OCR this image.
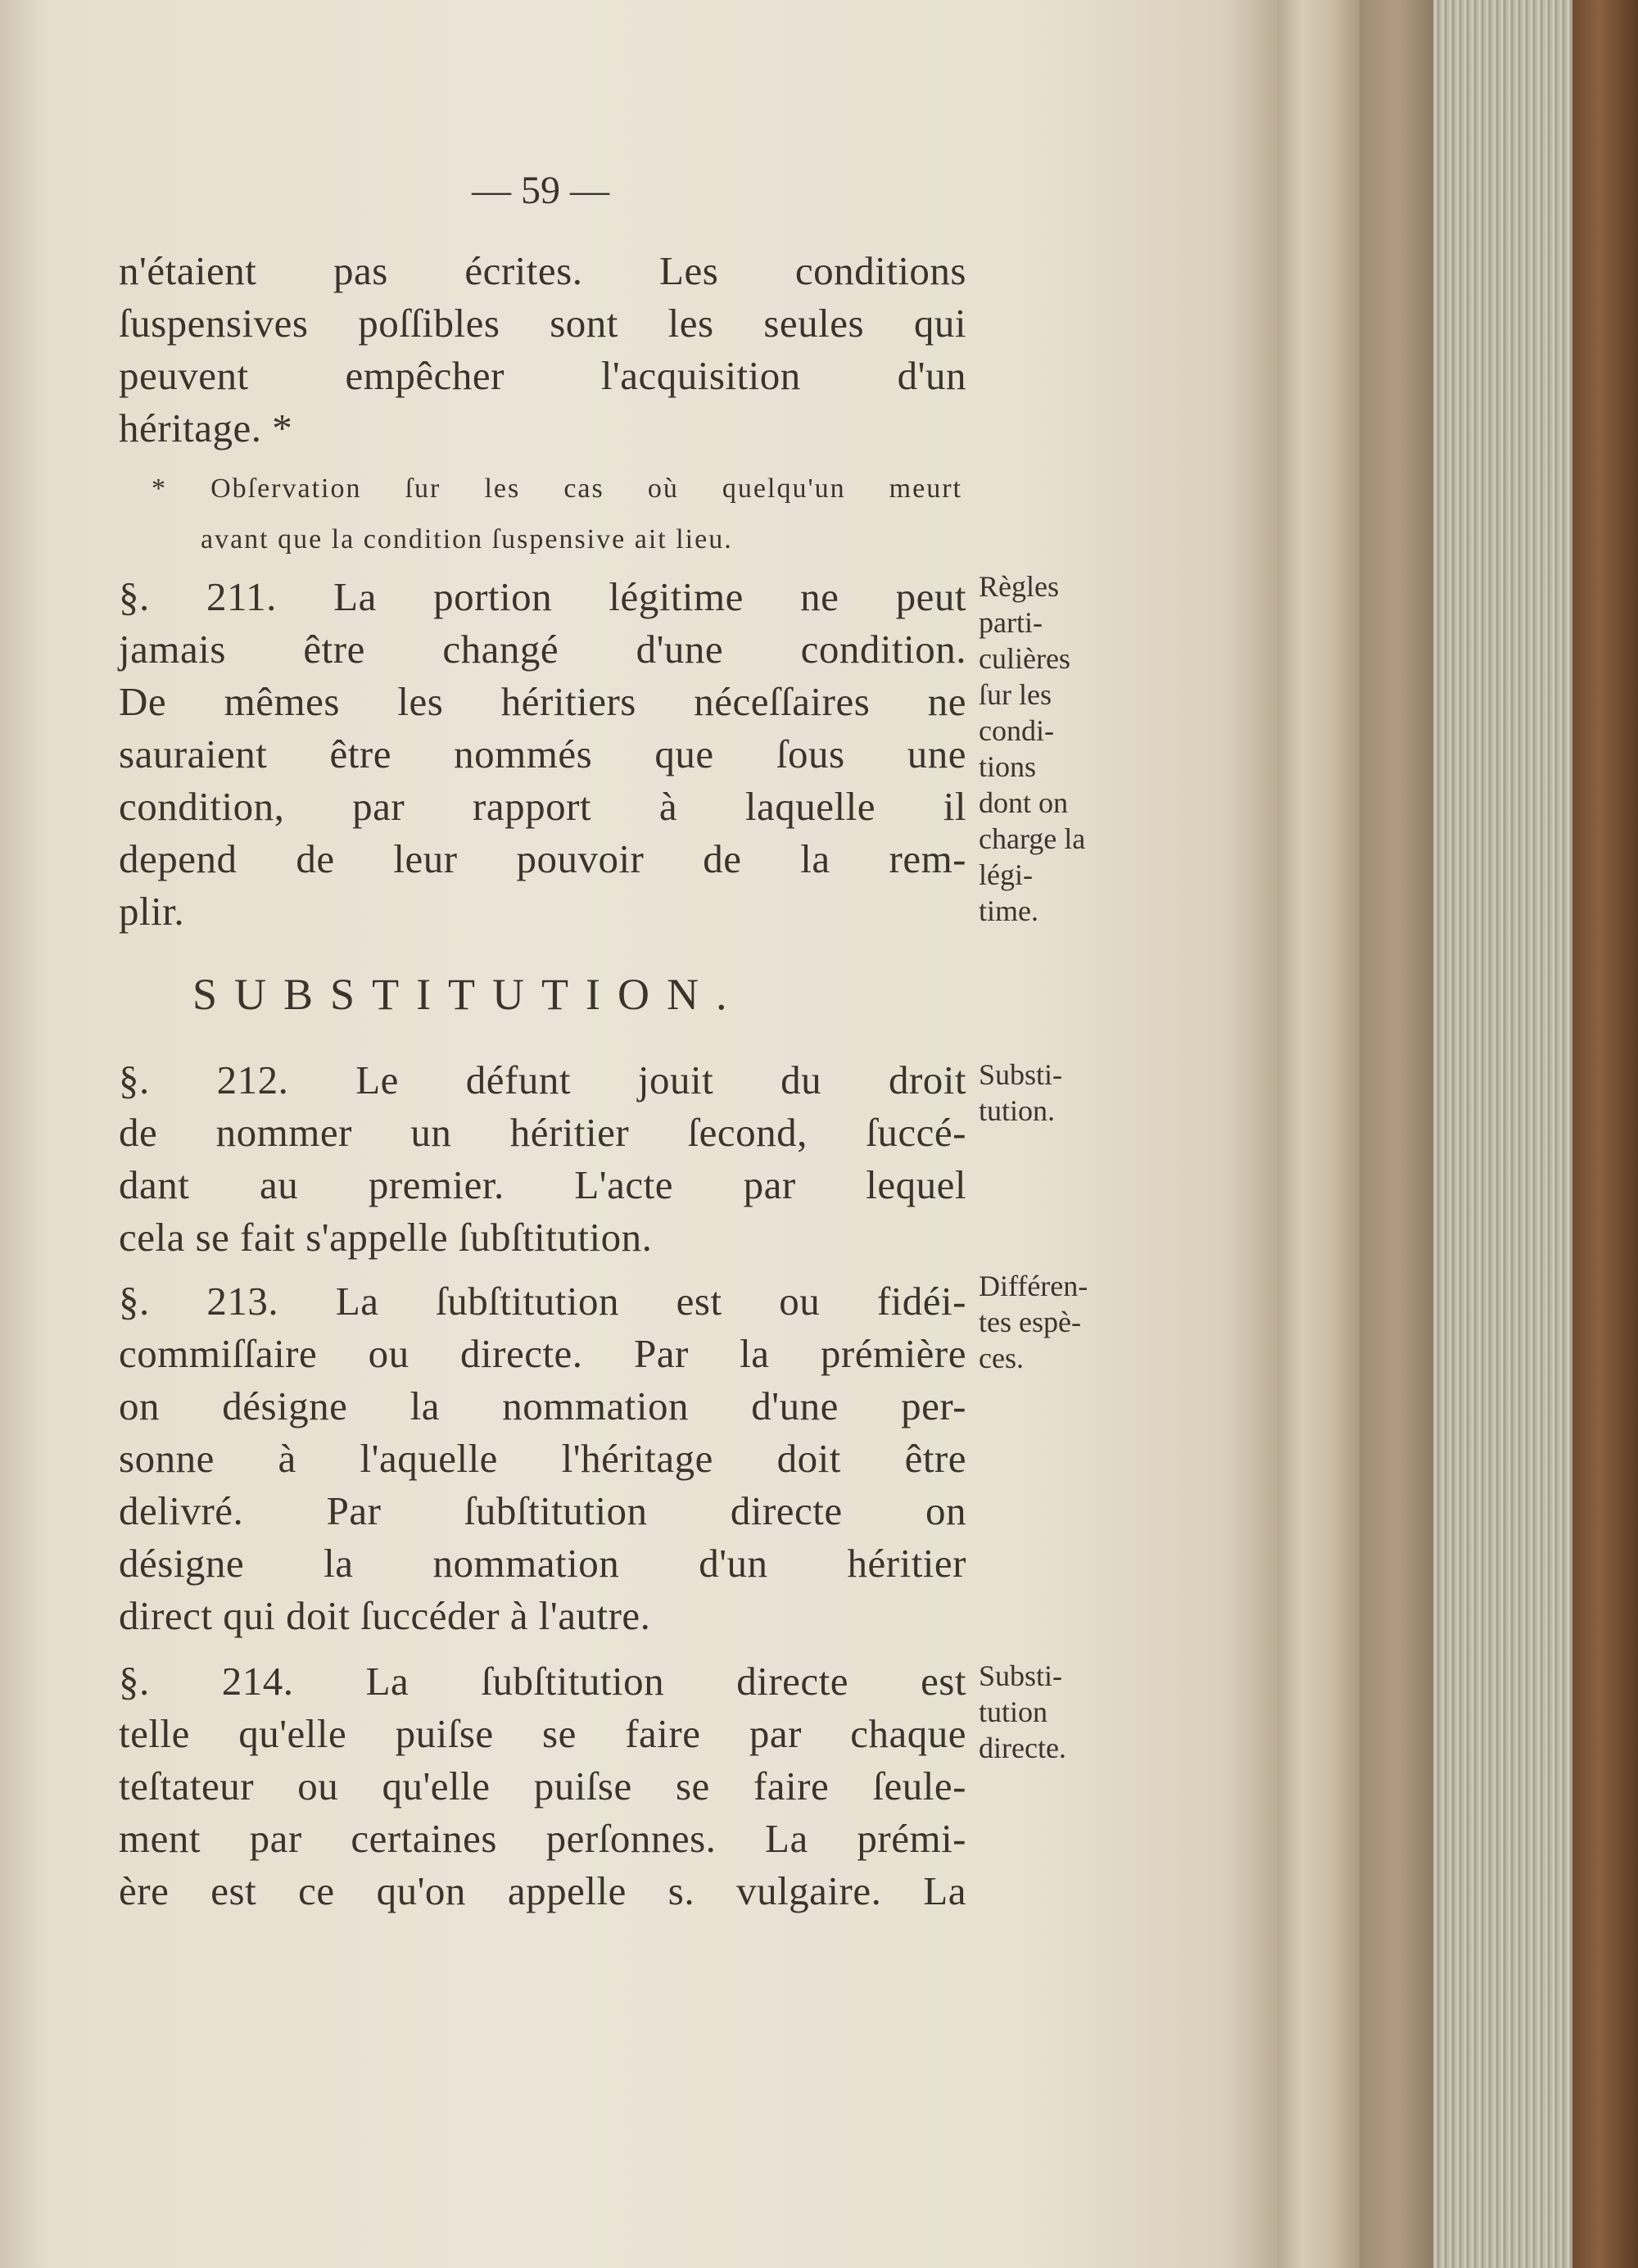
— 59 —
n'étaient pas écrites. Les conditions
ſuspensives poſſibles sont les seules qui
peuvent empêcher l'acquisition d'un
héritage. *
* Obſervation ſur les cas où quelqu'un meurt
avant que la condition ſuspensive ait lieu.
§. 211. La portion légitime ne peut
jamais être changé d'une condition.
De mêmes les héritiers néceſſaires ne
sauraient être nommés que ſous une
condition, par rapport à laquelle il
depend de leur pouvoir de la rem-
plir.
SUBSTITUTION.
§. 212. Le défunt jouit du droit
de nommer un héritier ſecond, ſuccé-
dant au premier. L'acte par lequel
cela se fait s'appelle ſubſtitution.
§. 213. La ſubſtitution est ou fidéi-
commiſſaire ou directe. Par la prémière
on désigne la nommation d'une per-
sonne à l'aquelle l'héritage doit être
delivré. Par ſubſtitution directe on
désigne la nommation d'un héritier
direct qui doit ſuccéder à l'autre.
§. 214. La ſubſtitution directe est
telle qu'elle puiſse se faire par chaque
teſtateur ou qu'elle puiſse se faire ſeule-
ment par certaines perſonnes. La prémi-
ère est ce qu'on appelle s. vulgaire. La
Règles
parti-
culières
ſur les
condi-
tions
dont on
charge la
légi-
time.
Substi-
tution.
Différen-
tes espè-
ces.
Substi-
tution
directe.
